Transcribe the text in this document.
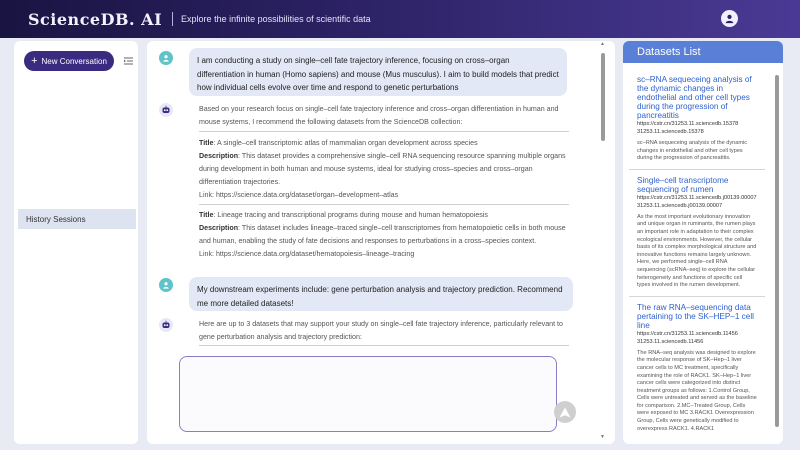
ScienceDB. AI Explore the infinite possibilities of scientific data
+ New Conversation
History Sessions
I am conducting a study on single–cell fate trajectory inference, focusing on cross–organ differentiation in human (Homo sapiens) and mouse (Mus musculus). I aim to build models that predict how individual cells evolve over time and respond to genetic perturbations
Based on your research focus on single–cell fate trajectory inference and cross–organ differentiation in human and mouse systems, I recommend the following datasets from the ScienceDB collection:
Title: A single–cell transcriptomic atlas of mammalian organ development across species
Description: This dataset provides a comprehensive single–cell RNA sequencing resource spanning multiple organs during development in both human and mouse systems, ideal for studying cross–species and cross–organ differentiation trajectories.
Link: https://science.data.org/dataset/organ–development–atlas
Title: Lineage tracing and transcriptional programs during mouse and human hematopoiesis
Description: This dataset includes lineage–traced single–cell transcriptomes from hematopoietic cells in both mouse and human, enabling the study of fate decisions and responses to perturbations in a cross–species context.
Link: https://science.data.org/dataset/hematopoiesis–lineage–tracing
My downstream experiments include: gene perturbation analysis and trajectory prediction. Recommend me more detailed datasets!
Here are up to 3 datasets that may support your study on single–cell fate trajectory inference, particularly relevant to gene perturbation analysis and trajectory prediction:
▲
▼
Datasets List
sc–RNA sequeceing analysis of the dynamic changes in endothelial and other cell types during the progression of pancreatitis
https://cstr.cn/31253.11.sciencedb.15378
31253.11.sciencedb.15378
sc–RNA sequeceing analysis of the dynamic changes in endothelial and other cell types during the progression of pancreatitis.
Single–cell transcriptome sequencing of rumen
https://cstr.cn/31253.11.sciencedb.j00139.00007
31253.11.sciencedb.j00139.00007
As the most important evolutionary innovation and unique organ in ruminants, the rumen plays an important role in adaptation to their complex ecological environments. However, the cellular basis of its complex morphological structure and innovative functions remains largely unknown. Here, we performed single–cell RNA sequencing (scRNA–seq) to explore the cellular heterogeneity and functions of specific cell types involved in the rumen development.
The raw RNA–sequencing data pertaining to the SK–HEP–1 cell line
https://cstr.cn/31253.11.sciencedb.11456
31253.11.sciencedb.11456
The RNA–seq analysis was designed to explore the molecular response of SK–Hep–1 liver cancer cells to MC treatment, specifically examining the role of RACK1. SK–Hep–1 liver cancer cells were categorized into distinct treatment groups as follows: 1.Control Group, Cells were untreated and served as the baseline for comparison. 2.MC–Treated Group, Cells were exposed to MC 3.RACK1 Overexpression Group, Cells were genetically modified to overexpress RACK1. 4.RACK1
